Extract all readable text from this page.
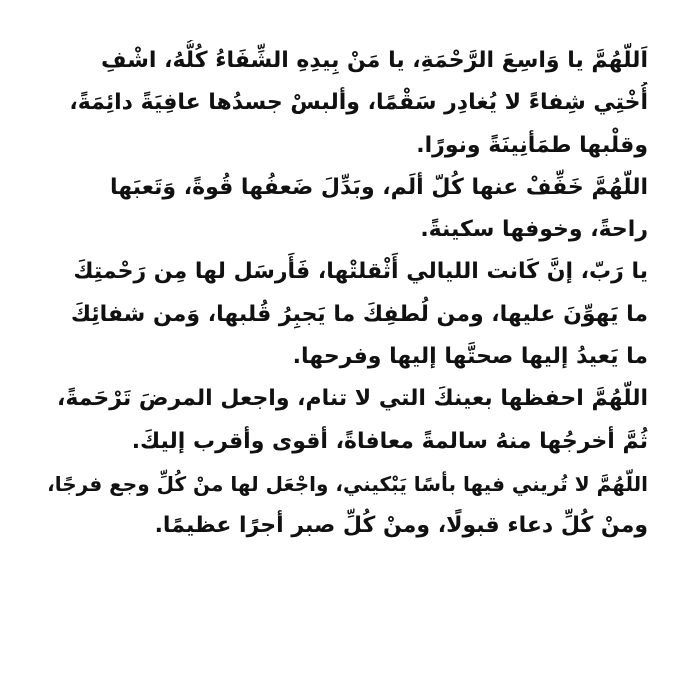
اَللّهُمَّ يا وَاسِعَ الرَّحْمَةِ، يا مَنْ بِيدِهِ الشِّفَاءُ كُلُّهُ، اشْفِ
أُخْتِي شِفاءً لا يُغادِر سَقْمًا، وألبسْ جسدُها عافِيَةً دائِمَةً،
وقلْبها طمَأنِينَةً ونورًا.
اللّهُمَّ خَفِّفْ عنها كُلّ ألَم، وبَدِّلَ ضَعفُها قُوةً، وَتَعبَها
راحةً، وخوفها سكينةً.
يا رَبّ، إنَّ كَانت الليالي أَثْقلتْها، فَأَرسَل لها مِن رَحْمتِكَ
ما يَهوِّنَ عليها، ومن لُطفِكَ ما يَجبِرُ قُلبها، وَمن شفائِكَ
ما يَعيدُ إليها صحتَّها إليها وفرحها.
اللّهُمَّ احفظها بعينكَ التي لا تنام، واجعل المرضَ تَرْحَمةً،
ثُمَّ أخرجُها منهُ سالمةً معافاةً، أقوى وأقرب إليكَ.
اللّهُمَّ لا تُريني فيها بأسًا يَبْكيني، واجْعَل لها منْ كُلِّ وجع فرجًا،
ومنْ كُلِّ دعاء قبولًا، ومنْ كُلِّ صبر أجرًا عظيمًا.
